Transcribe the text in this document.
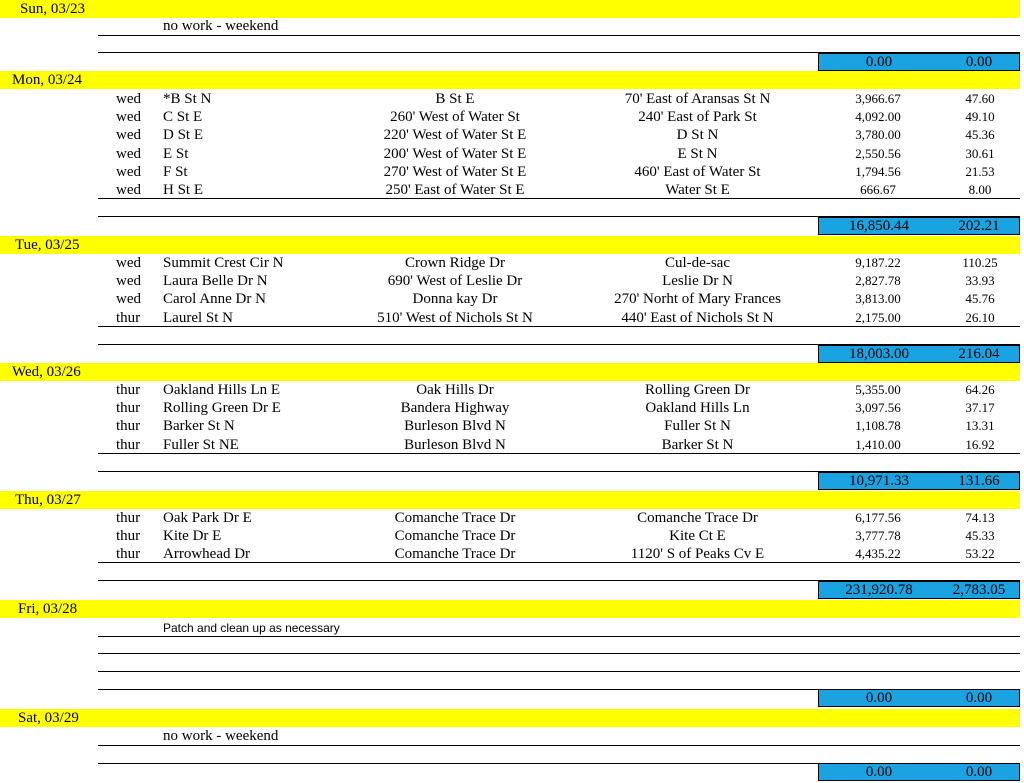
Sun, 03/23
no work - weekend
0.00	0.00
Mon, 03/24
wed *B St N	B St E	70' East of Aransas St N	3,966.67	47.60
wed C St E	260' West of Water St	240' East of Park St	4,092.00	49.10
wed D St E	220' West of Water St E	D St N	3,780.00	45.36
wed E St	200' West of Water St E	E St N	2,550.56	30.61
wed F St	270' West of Water St E	460' East of Water St	1,794.56	21.53
wed H St E	250' East of Water St E	Water St E	666.67	8.00
16,850.44	202.21
Tue, 03/25
wed Summit Crest Cir N	Crown Ridge Dr	Cul-de-sac	9,187.22	110.25
wed Laura Belle Dr N	690' West of Leslie Dr	Leslie Dr N	2,827.78	33.93
wed Carol Anne Dr N	Donna kay Dr	270' Norht of Mary Frances	3,813.00	45.76
thur Laurel St N	510' West of Nichols St N	440' East of Nichols St N	2,175.00	26.10
18,003.00	216.04
Wed, 03/26
thur Oakland Hills Ln E	Oak Hills Dr	Rolling Green Dr	5,355.00	64.26
thur Rolling Green Dr E	Bandera Highway	Oakland Hills Ln	3,097.56	37.17
thur Barker St N	Burleson Blvd N	Fuller St N	1,108.78	13.31
thur Fuller St NE	Burleson Blvd N	Barker St N	1,410.00	16.92
10,971.33	131.66
Thu, 03/27
thur Oak Park Dr E	Comanche Trace Dr	Comanche Trace Dr	6,177.56	74.13
thur Kite Dr E	Comanche Trace Dr	Kite Ct E	3,777.78	45.33
thur Arrowhead Dr	Comanche Trace Dr	1120' S of Peaks Cv E	4,435.22	53.22
231,920.78	2,783.05
Fri, 03/28
Patch and clean up as necessary
0.00	0.00
Sat, 03/29
no work - weekend
0.00	0.00
